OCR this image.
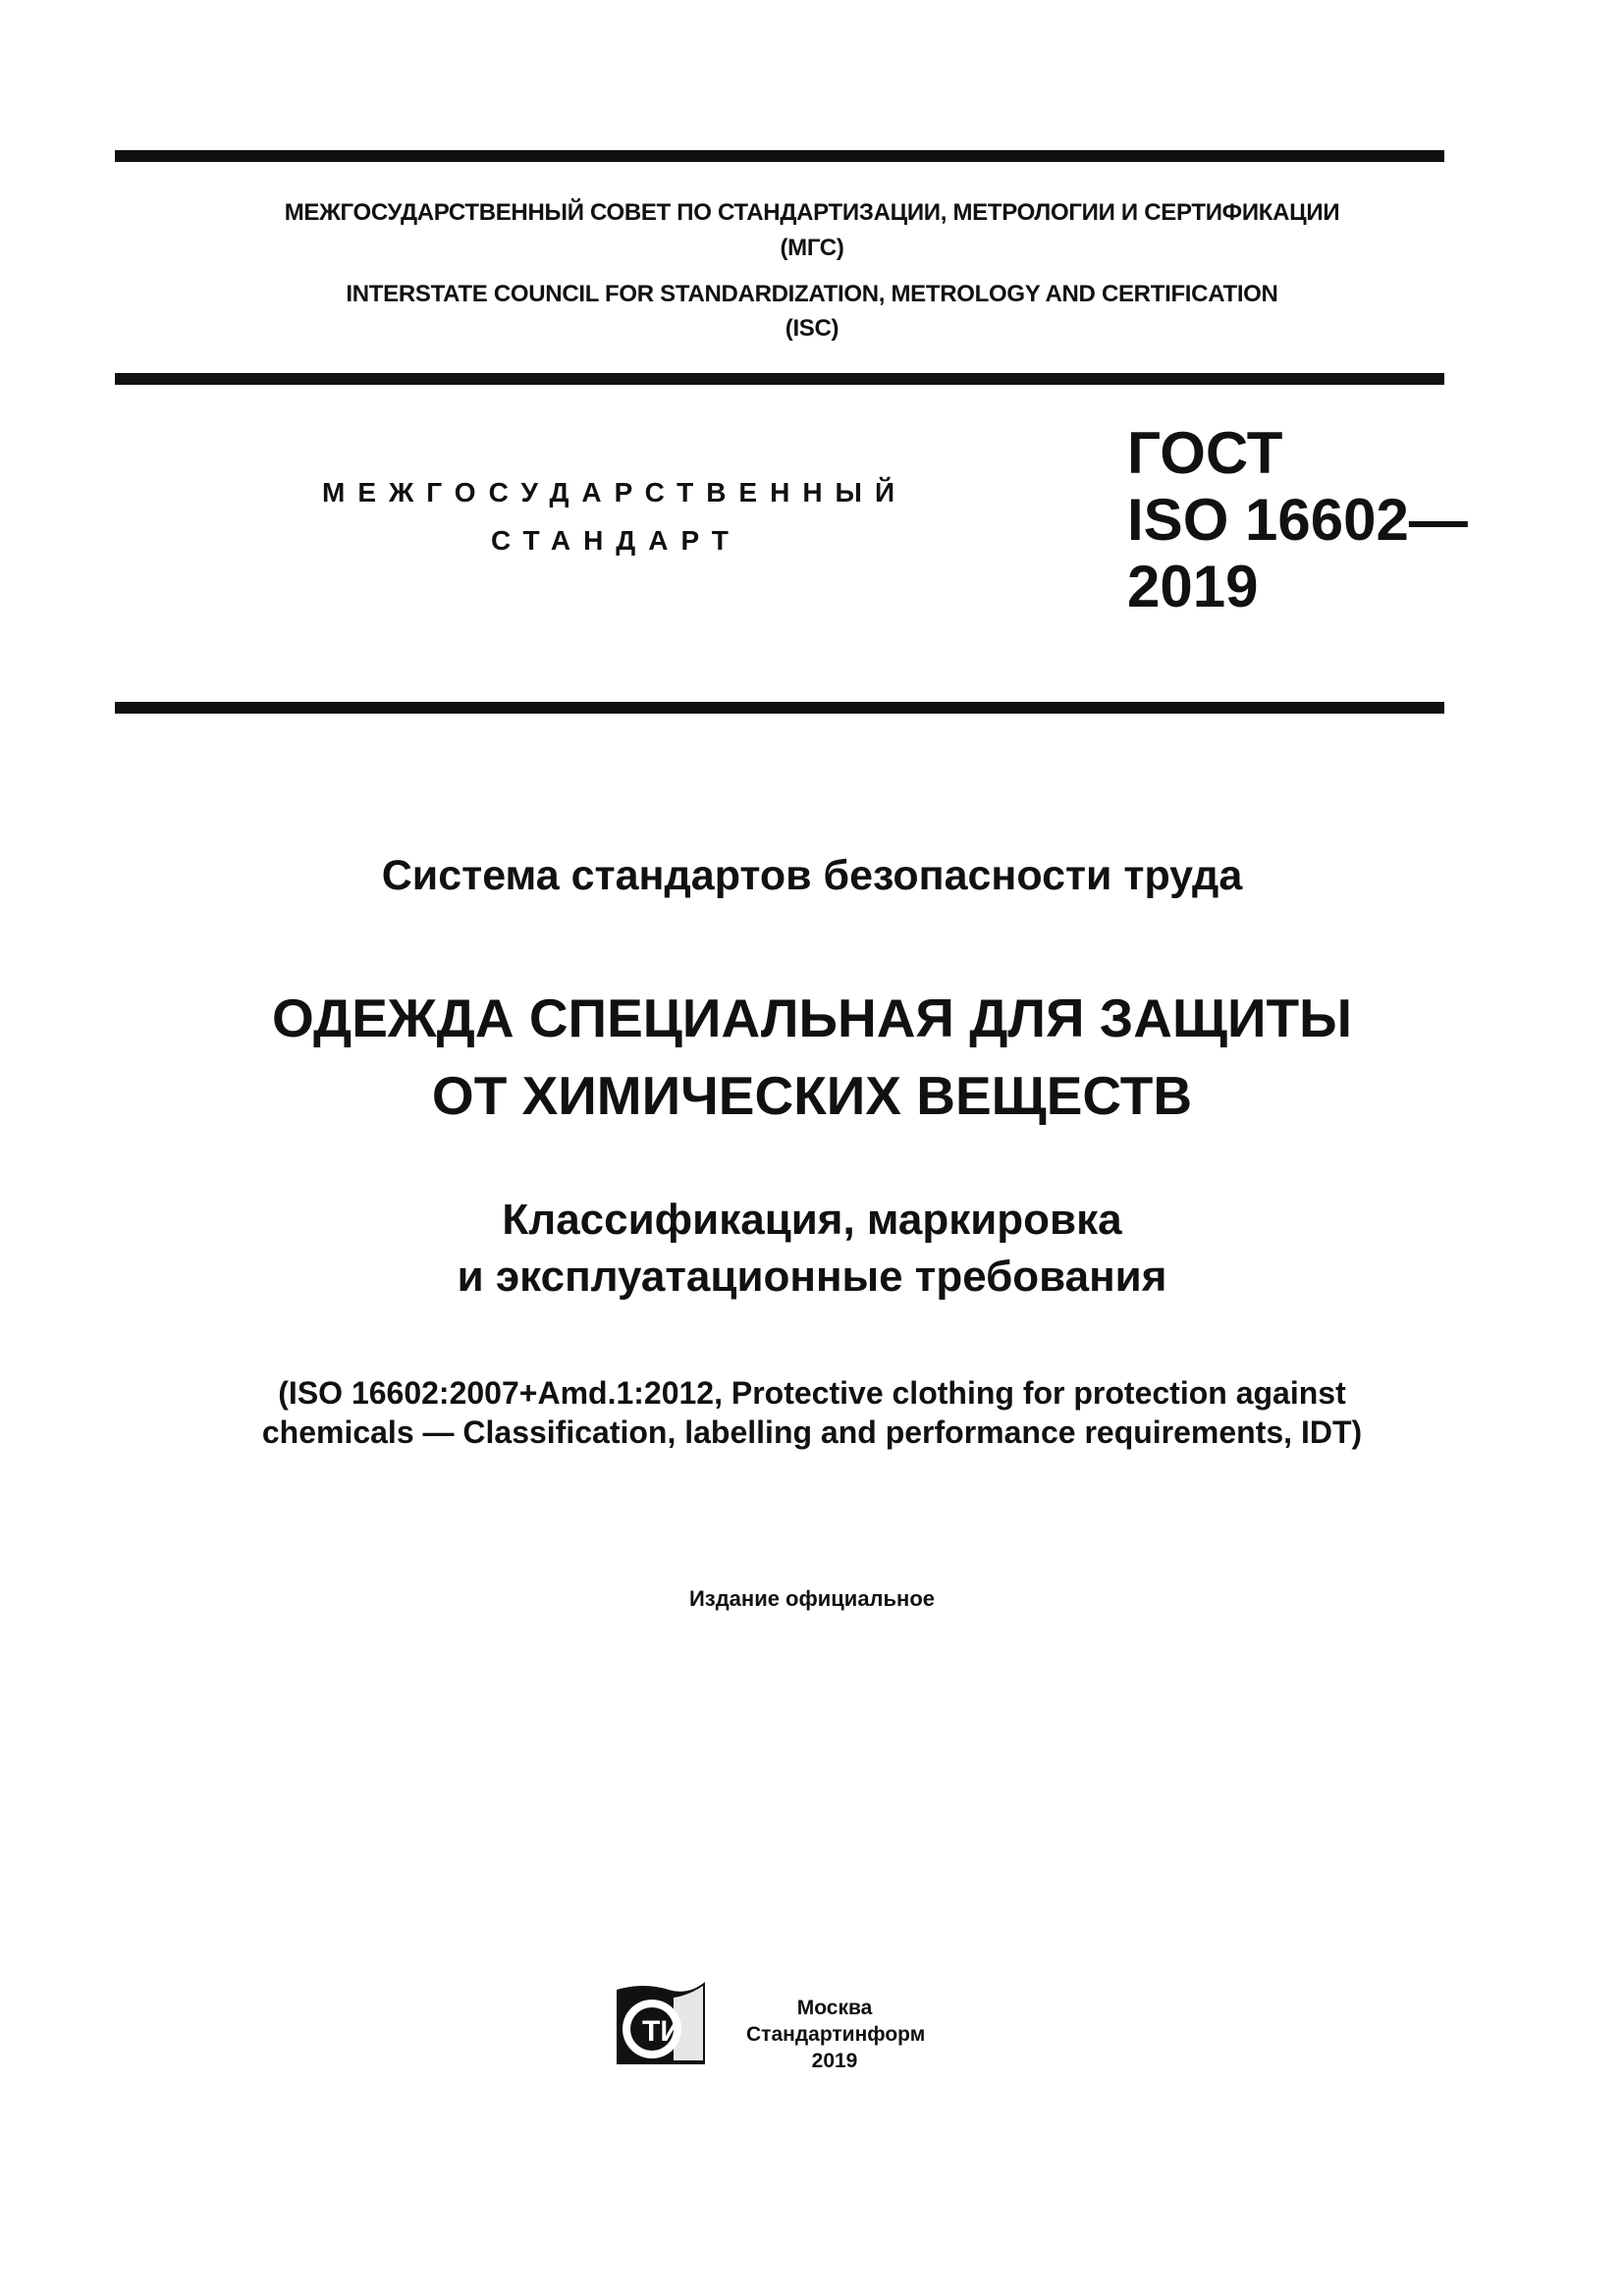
МЕЖГОСУДАРСТВЕННЫЙ СОВЕТ ПО СТАНДАРТИЗАЦИИ, МЕТРОЛОГИИ И СЕРТИФИКАЦИИ
(МГС)
INTERSTATE COUNCIL FOR STANDARDIZATION, METROLOGY AND CERTIFICATION
(ISC)
МЕЖГОСУДАРСТВЕННЫЙ
СТАНДАРТ
ГОСТ
ISO 16602—
2019
Система стандартов безопасности труда
ОДЕЖДА СПЕЦИАЛЬНАЯ ДЛЯ ЗАЩИТЫ
ОТ ХИМИЧЕСКИХ ВЕЩЕСТВ
Классификация, маркировка
и эксплуатационные требования
(ISO 16602:2007+Amd.1:2012, Protective clothing for protection against
chemicals — Classification, labelling and performance requirements, IDT)
Издание официальное
ТИ
Москва
Стандартинформ
2019
